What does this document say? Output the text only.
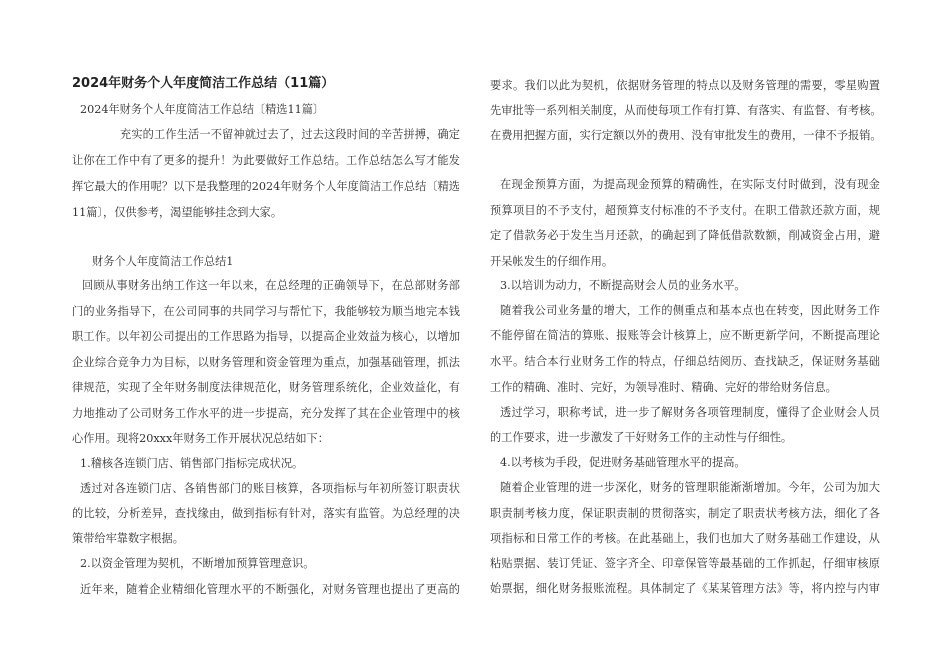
2024年财务个人年度简洁工作总结（11篇）
2024年财务个人年度简洁工作总结〔精选11篇〕
充实的工作生活一不留神就过去了，过去这段时间的辛苦拼搏，确定
让你在工作中有了更多的提升！为此要做好工作总结。工作总结怎么写才能发
挥它最大的作用呢？以下是我整理的2024年财务个人年度简洁工作总结〔精选
11篇〕，仅供参考，渴望能够挂念到大家。
财务个人年度简洁工作总结1
回顾从事财务出纳工作这一年以来，在总经理的正确领导下，在总部财务部
门的业务指导下，在公司同事的共同学习与帮忙下，我能够较为顺当地完本钱
职工作。以年初公司提出的工作思路为指导，以提高企业效益为核心，以增加
企业综合竞争力为目标，以财务管理和资金管理为重点，加强基础管理，抓法
律规范，实现了全年财务制度法律规范化，财务管理系统化，企业效益化，有
力地推动了公司财务工作水平的进一步提高，充分发挥了其在企业管理中的核
心作用。现将20xxx年财务工作开展状况总结如下：
1.稽核各连锁门店、销售部门指标完成状况。
透过对各连锁门店、各销售部门的账目核算，各项指标与年初所签订职责状
的比较，分析差异，查找缘由，做到指标有针对，落实有监管。为总经理的决
策带给牢靠数字根据。
2.以资金管理为契机，不断增加预算管理意识。
近年来，随着企业精细化管理水平的不断强化，对财务管理也提出了更高的
要求。我们以此为契机，依据财务管理的特点以及财务管理的需要，零星购置
先审批等一系列相关制度，从而使每项工作有打算、有落实、有监督、有考核。
在费用把握方面，实行定额以外的费用、没有审批发生的费用，一律不予报销。
在现金预算方面，为提高现金预算的精确性，在实际支付时做到，没有现金
预算项目的不予支付，超预算支付标准的不予支付。在职工借款还款方面，规
定了借款务必于发生当月还款，的确起到了降低借款数额，削减资金占用，避
开呆帐发生的仔细作用。
3.以培训为动力，不断提高财会人员的业务水平。
随着我公司业务量的增大，工作的侧重点和基本点也在转变，因此财务工作
不能停留在简洁的算账、报账等会计核算上，应不断更新学问，不断提高理论
水平。结合本行业财务工作的特点，仔细总结阅历、查找缺乏，保证财务基础
工作的精确、准时、完好，为领导准时、精确、完好的带给财务信息。
透过学习，职称考试，进一步了解财务各项管理制度，懂得了企业财会人员
的工作要求，进一步激发了干好财务工作的主动性与仔细性。
4.以考核为手段，促进财务基础管理水平的提高。
随着企业管理的进一步深化，财务的管理职能渐渐增加。今年，公司为加大
职责制考核力度，保证职责制的贯彻落实，制定了职责状考核方法，细化了各
项指标和日常工作的考核。在此基础上，我们也加大了财务基础工作建设，从
粘贴票据、装订凭证、签字齐全、印章保管等最基础的工作抓起，仔细审核原
始票据，细化财务报账流程。具体制定了《某某管理方法》等，将内控与内审
